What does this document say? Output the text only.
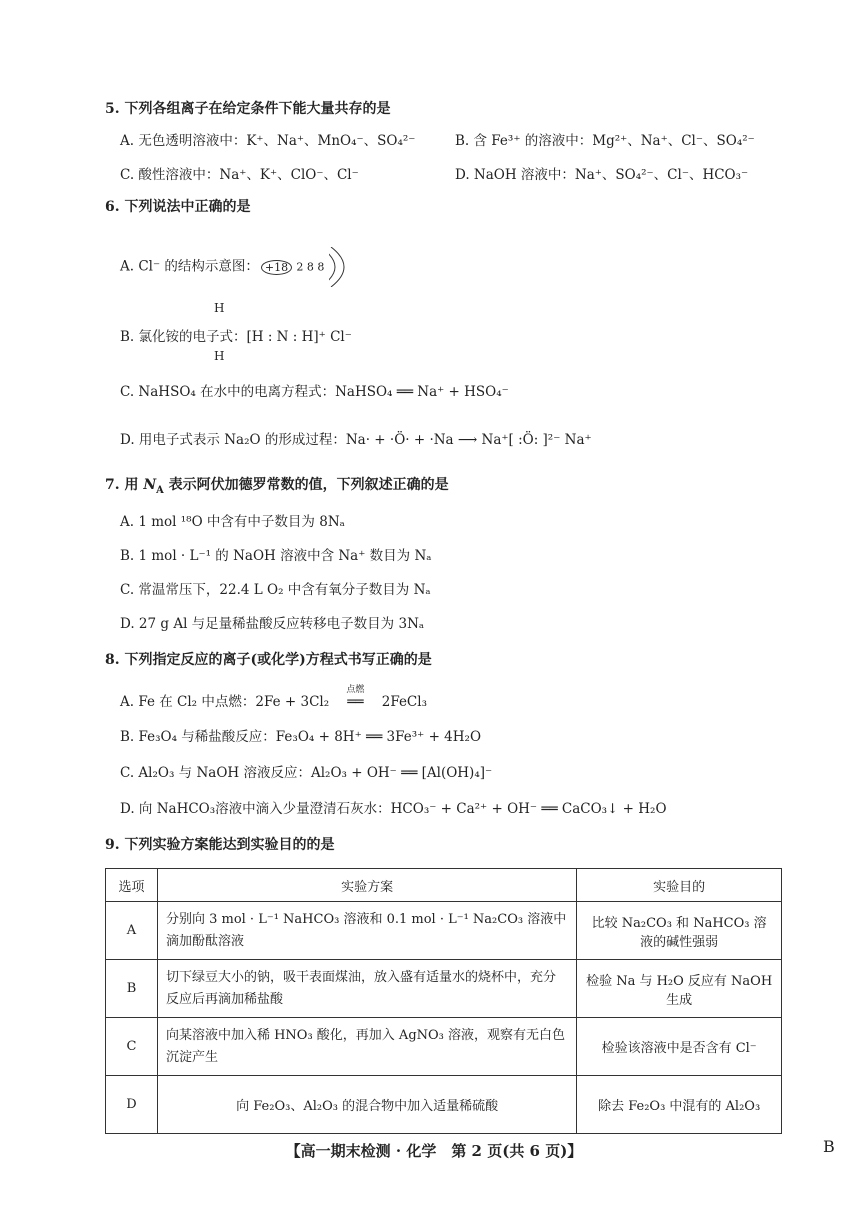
5. 下列各组离子在给定条件下能大量共存的是
A. 无色透明溶液中：K⁺、Na⁺、MnO₄⁻、SO₄²⁻	B. 含 Fe³⁺ 的溶液中：Mg²⁺、Na⁺、Cl⁻、SO₄²⁻
C. 酸性溶液中：Na⁺、K⁺、ClO⁻、Cl⁻	D. NaOH 溶液中：Na⁺、SO₄²⁻、Cl⁻、HCO₃⁻
6. 下列说法中正确的是
A. Cl⁻ 的结构示意图： +18 2 8 8
H
B. 氯化铵的电子式：[H : N : H]⁺ Cl⁻
H
C. NaHSO₄ 在水中的电离方程式：NaHSO₄ ══ Na⁺ + HSO₄⁻
D. 用电子式表示 Na₂O 的形成过程：Na· + ·Ö· + ·Na ⟶ Na⁺[ :Ö: ]²⁻ Na⁺
7. 用 $N_A$ 表示阿伏加德罗常数的值，下列叙述正确的是
A. 1 mol ¹⁸O 中含有中子数目为 8Nₐ
B. 1 mol · L⁻¹ 的 NaOH 溶液中含 Na⁺ 数目为 Nₐ
C. 常温常压下，22.4 L O₂ 中含有氧分子数目为 Nₐ
D. 27 g Al 与足量稀盐酸反应转移电子数目为 3Nₐ
8. 下列指定反应的离子(或化学)方程式书写正确的是
A. Fe 在 Cl₂ 中点燃：2Fe + 3Cl₂
点燃
══ 2FeCl₃
B. Fe₃O₄ 与稀盐酸反应：Fe₃O₄ + 8H⁺ ══ 3Fe³⁺ + 4H₂O
C. Al₂O₃ 与 NaOH 溶液反应：Al₂O₃ + OH⁻ ══ [Al(OH)₄]⁻
D. 向 NaHCO₃溶液中滴入少量澄清石灰水：HCO₃⁻ + Ca²⁺ + OH⁻ ══ CaCO₃↓ + H₂O
9. 下列实验方案能达到实验目的的是
选项	实验方案	实验目的
A	分别向 3 mol · L⁻¹ NaHCO₃ 溶液和 0.1 mol · L⁻¹ Na₂CO₃ 溶液中滴加酚酞溶液	比较 Na₂CO₃ 和 NaHCO₃ 溶液的碱性强弱
B	切下绿豆大小的钠，吸干表面煤油，放入盛有适量水的烧杯中，充分反应后再滴加稀盐酸	检验 Na 与 H₂O 反应有 NaOH 生成
C	向某溶液中加入稀 HNO₃ 酸化，再加入 AgNO₃ 溶液，观察有无白色沉淀产生	检验该溶液中是否含有 Cl⁻
D	向 Fe₂O₃、Al₂O₃ 的混合物中加入适量稀硫酸	除去 Fe₂O₃ 中混有的 Al₂O₃
【高一期末检测 · 化学　第 2 页(共 6 页)】	B
